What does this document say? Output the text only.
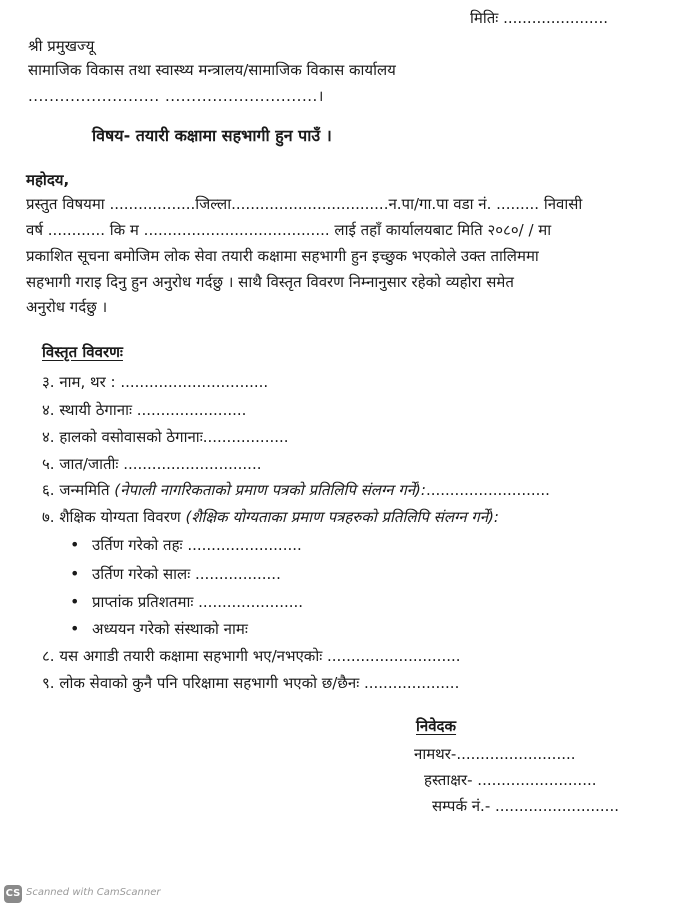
मितिः ......................
श्री प्रमुखज्यू
सामाजिक विकास तथा स्वास्थ्य मन्त्रालय/सामाजिक विकास कार्यालय
......................... .............................।
विषय- तयारी कक्षामा सहभागी हुन पाउँ ।
महोदय,
प्रस्तुत विषयमा ..................जिल्ला.................................न.पा/गा.पा वडा नं. ......... निवासी
वर्ष ............ कि म ....................................... लाई तहाँ कार्यालयबाट मिति २०८०/ / मा
प्रकाशित सूचना बमोजिम लोक सेवा तयारी कक्षामा सहभागी हुन इच्छुक भएकोले उक्त तालिममा
सहभागी गराइ दिनु हुन अनुरोध गर्दछु । साथै विस्तृत विवरण निम्नानुसार रहेको व्यहोरा समेत
अनुरोध गर्दछु ।
विस्तृत विवरणः
३. नाम, थर : ...............................
४. स्थायी ठेगानाः .......................
४. हालको वसोवासको ठेगानाः..................
५. जात/जातीः .............................
६. जन्ममिति (नेपाली नागरिकताको प्रमाण पत्रको प्रतिलिपि संलग्न गर्ने):..........................
७. शैक्षिक योग्यता विवरण (शैक्षिक योग्यताका प्रमाण पत्रहरुको प्रतिलिपि संलग्न गर्ने):
• उर्तिण गरेको तहः ........................
• उर्तिण गरेको सालः ..................
• प्राप्तांक प्रतिशतमाः ......................
• अध्ययन गरेको संस्थाको नामः
८. यस अगाडी तयारी कक्षामा सहभागी भए/नभएकोः ............................
९. लोक सेवाको कुनै पनि परिक्षामा सहभागी भएको छ/छैनः ....................
निवेदक
नामथर-.........................
हस्ताक्षर- .........................
सम्पर्क नं.- ..........................
CS Scanned with CamScanner
